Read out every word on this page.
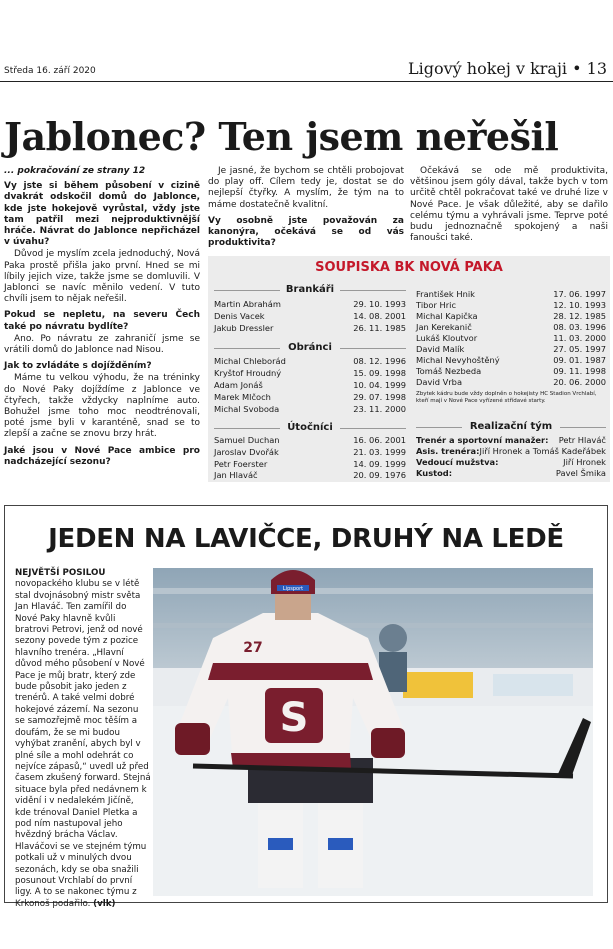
Středa 16. září 2020	Ligový hokej v kraji • 13
Jablonec? Ten jsem neřešil
... pokračování ze strany 12

Vy jste si během působení v cizině dvakrát odskočil domů do Jablonce, kde jste hokejově vyrůstal, vždy jste tam patřil mezi nejproduktivnější hráče. Návrat do Jablonce nepřicházel v úvahu?

Důvod je myslím zcela jednoduchý, Nová Paka prostě přišla jako první. Hned se mi líbily jejich vize, takže jsme se domluvili. V Jablonci se navíc měnilo vedení. V tuto chvíli jsem to nějak neřešil.

Pokud se nepletu, na severu Čech také po návratu bydlíte?

Ano. Po návratu ze zahraničí jsme se vrátili domů do Jablonce nad Nisou.

Jak to zvládáte s dojížděním?

Máme tu velkou výhodu, že na tréninky do Nové Paky dojíždíme z Jablonce ve čtyřech, takže vždycky naplníme auto. Bohužel jsme toho moc neodtrénovali, poté jsme byli v karanténě, snad se to zlepší a začne se znovu brzy hrát.

Jaké jsou v Nové Pace ambice pro nadcházející sezonu?

Je jasné, že bychom se chtěli probojovat do play off. Cílem tedy je, dostat se do nejlepší čtyřky. A myslím, že tým na to máme dostatečně kvalitní.

Vy osobně jste považován za kanonýra, očekává se od vás produktivita?

Očekává se ode mě produktivita, většinou jsem góly dával, takže bych v tom určitě chtěl pokračovat také ve druhé lize v Nové Pace. Je však důležité, aby se dařilo celému týmu a vyhrávali jsme. Teprve poté budu jednoznačně spokojený a naši fanoušci také.

SOUPISKA BK NOVÁ PAKA
Brankáři
Martin Abrahám	29. 10. 1993
Denis Vacek	14. 08. 2001
Jakub Dressler	26. 11. 1985
Obránci
Michal Chleborád	08. 12. 1996
Kryštof Hroudný	15. 09. 1998
Adam Jonáš	10. 04. 1999
Marek Mlčoch	29. 07. 1998
Michal Svoboda	23. 11. 2000
Útočníci
Samuel Duchan	16. 06. 2001
Jaroslav Dvořák	21. 03. 1999
Petr Foerster	14. 09. 1999
Jan Hlaváč	20. 09. 1976
František Hnik	17. 06. 1997
Tibor Hric	12. 10. 1993
Michal Kapička	28. 12. 1985
Jan Kerekanič	08. 03. 1996
Lukáš Kloutvor	11. 03. 2000
David Malík	27. 05. 1997
Michal Nevyhoštěný	09. 01. 1987
Tomáš Nezbeda	09. 11. 1998
David Vrba	20. 06. 2000
Zbytek kádru bude vždy doplněn o hokejisty HC Stadion Vrchlabí, kteří mají v Nové Pace vyřízené střídavé starty.
Realizační tým
Trenér a sportovní manažer: Petr Hlaváč
Asis. trenéra: Jiří Hronek a Tomáš Kadeřábek
Vedoucí mužstva:	Jiří Hronek
Kustod:	Pavel Šmika
JEDEN NA LAVIČCE, DRUHÝ NA LEDĚ
NEJVĚTŠÍ POSILOU novopackého klubu se v létě stal dvojnásobný mistr světa Jan Hlaváč. Ten zamířil do Nové Paky hlavně kvůli bratrovi Petrovi, jenž od nové sezony povede tým z pozice hlavního trenéra. „Hlavní důvod mého působení v Nové Pace je můj bratr, který zde bude působit jako jeden z trenérů. A také velmi dobré hokejové zázemí. Na sezonu se samozřejmě moc těším a doufám, že se mi budou vyhýbat zranění, abych byl v plné síle a mohl odehrát co nejvíce zápasů,“ uvedl už před časem zkušený forward. Stejná situace byla před nedávnem k vidění i v nedalekém Jičíně, kde trénoval Daniel Pletka a pod ním nastupoval jeho hvězdný brácha Václav. Hlaváčovi se ve stejném týmu potkali už v minulých dvou sezonách, kdy se oba snažili posunout Vrchlabí do první ligy. A to se nakonec týmu z Krkonoš podařilo. (vlk)
S
27
Lipsport
